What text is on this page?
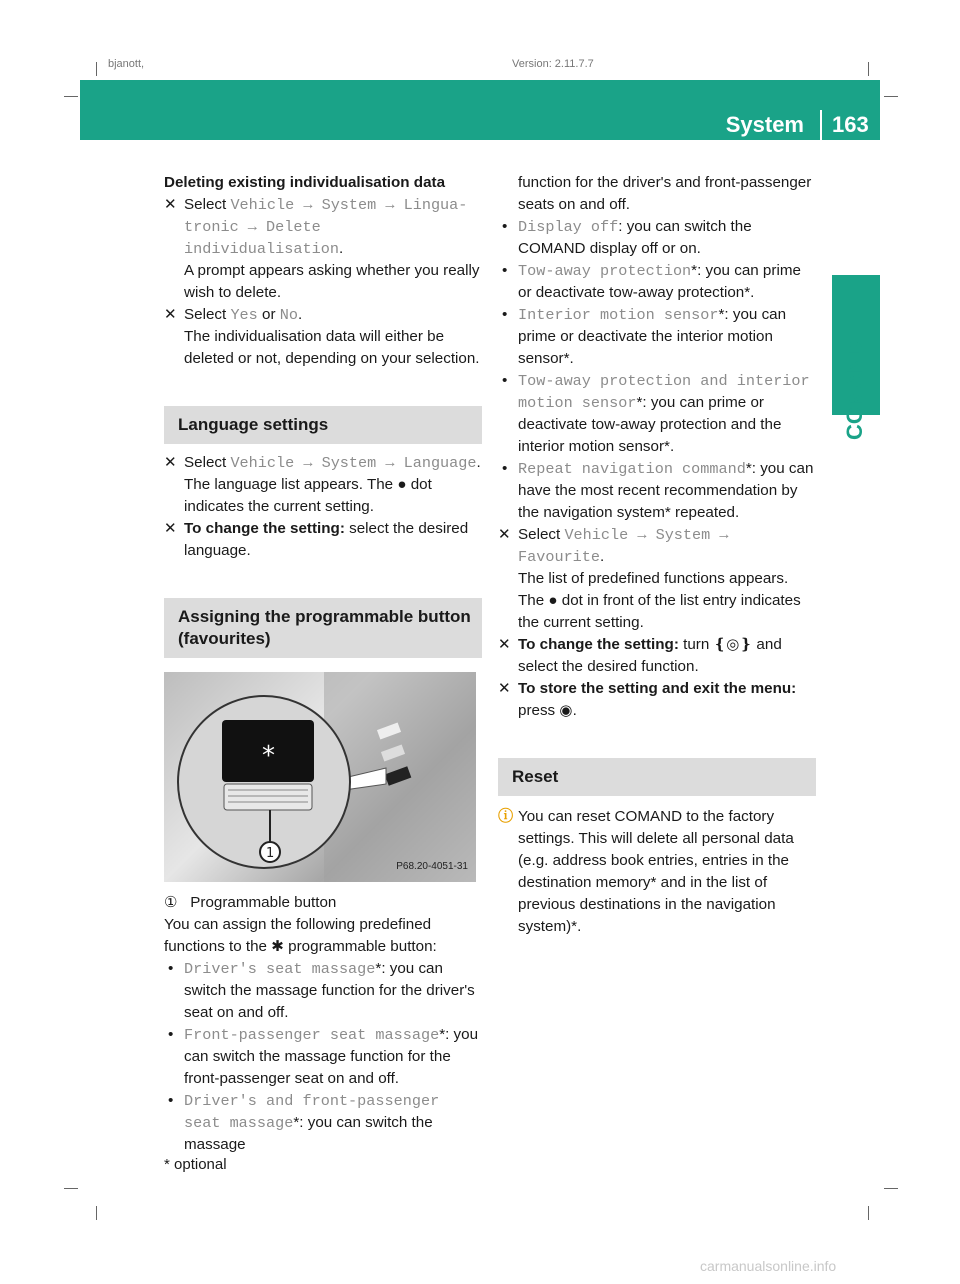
bjanott,	Version: 2.11.7.7
System 163
COMAND

Deleting existing individualisation data

✕ Select Vehicle → System → Lingua-tronic → Delete individualisation.
A prompt appears asking whether you really wish to delete.
✕ Select Yes or No.
The individualisation data will either be deleted or not, depending on your selection.
Language settings
✕ Select Vehicle → System → Language.
The language list appears. The ● dot indicates the current setting.
✕ To change the setting: select the desired language.
Assigning the programmable button (favourites)
*
1
P68.20-4051-31

① Programmable button

You can assign the following predefined functions to the ✱ programmable button:

• Driver's seat massage*: you can switch the massage function for the driver's seat on and off.
• Front-passenger seat massage*: you can switch the massage function for the front-passenger seat on and off.
• Driver's and front-passenger seat massage*: you can switch the massage
function for the driver's and front-passenger seats on and off.
• Display off: you can switch the COMAND display off or on.
• Tow-away protection*: you can prime or deactivate tow-away protection*.
• Interior motion sensor*: you can prime or deactivate the interior motion sensor*.
• Tow-away protection and interior motion sensor*: you can prime or deactivate tow-away protection and the interior motion sensor*.
• Repeat navigation command*: you can have the most recent recommendation by the navigation system* repeated.
✕ Select Vehicle → System → Favourite.
The list of predefined functions appears. The ● dot in front of the list entry indicates the current setting.
✕ To change the setting: turn ❴◎❵ and select the desired function.
✕ To store the setting and exit the menu: press ◉.
Reset
ⓘ You can reset COMAND to the factory settings. This will delete all personal data (e.g. address book entries, entries in the destination memory* and in the list of previous destinations in the navigation system)*.
* optional
carmanualsonline.info
